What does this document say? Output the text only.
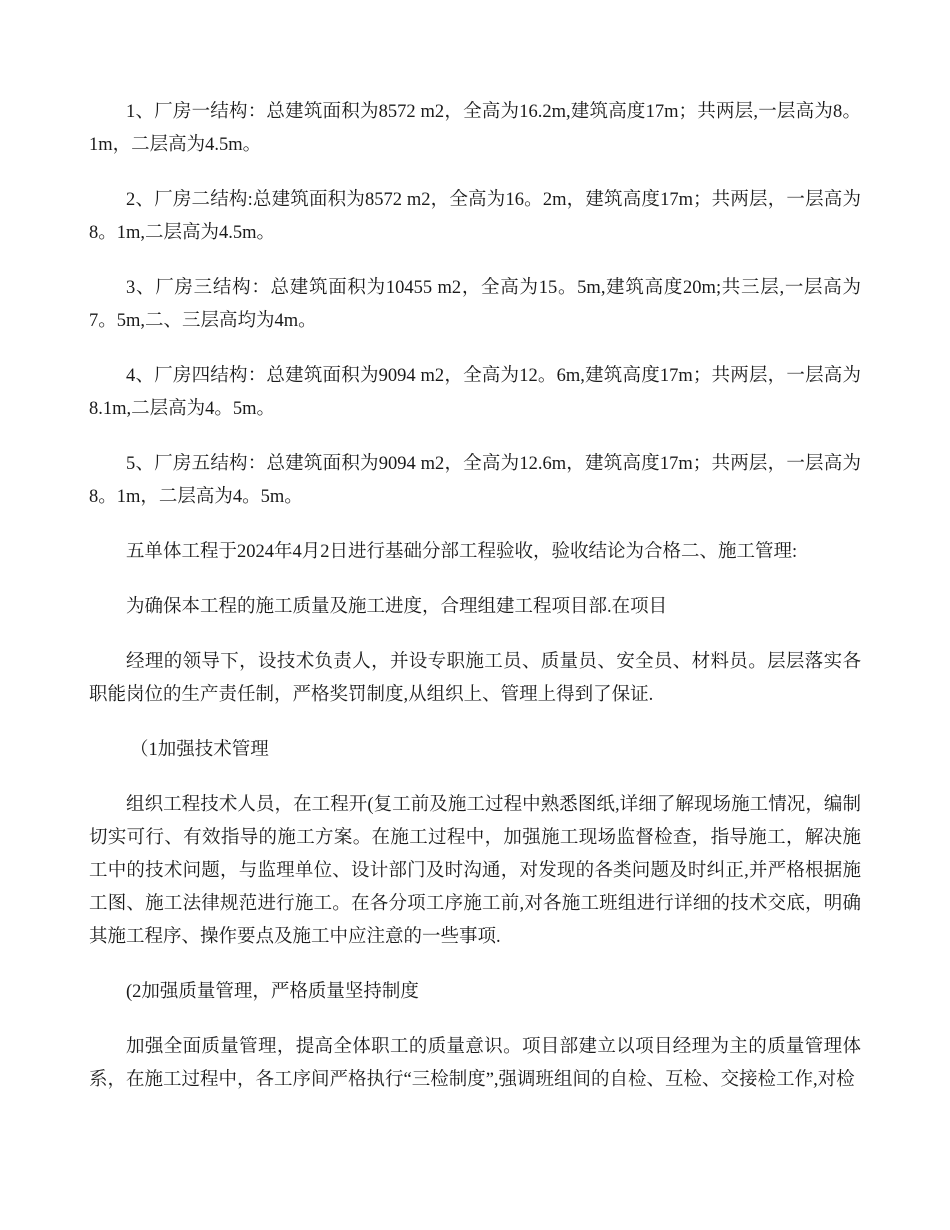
1、厂房一结构：总建筑面积为8572 m2，全高为16.2m,建筑高度17m；共两层,一层高为8。1m，二层高为4.5m。

2、厂房二结构:总建筑面积为8572 m2，全高为16。2m，建筑高度17m；共两层，一层高为8。1m,二层高为4.5m。

3、厂房三结构：总建筑面积为10455 m2，全高为15。5m,建筑高度20m;共三层,一层高为7。5m,二、三层高均为4m。

4、厂房四结构：总建筑面积为9094 m2，全高为12。6m,建筑高度17m；共两层，一层高为8.1m,二层高为4。5m。

5、厂房五结构：总建筑面积为9094 m2，全高为12.6m，建筑高度17m；共两层，一层高为8。1m，二层高为4。5m。

五单体工程于2024年4月2日进行基础分部工程验收，验收结论为合格二、施工管理:

为确保本工程的施工质量及施工进度，合理组建工程项目部.在项目

经理的领导下，设技术负责人，并设专职施工员、质量员、安全员、材料员。层层落实各职能岗位的生产责任制，严格奖罚制度,从组织上、管理上得到了保证.

（1加强技术管理

组织工程技术人员，在工程开(复工前及施工过程中熟悉图纸,详细了解现场施工情况，编制切实可行、有效指导的施工方案。在施工过程中，加强施工现场监督检查，指导施工，解决施工中的技术问题，与监理单位、设计部门及时沟通，对发现的各类问题及时纠正,并严格根据施工图、施工法律规范进行施工。在各分项工序施工前,对各施工班组进行详细的技术交底，明确其施工程序、操作要点及施工中应注意的一些事项.

(2加强质量管理，严格质量坚持制度

加强全面质量管理，提高全体职工的质量意识。项目部建立以项目经理为主的质量管理体系，在施工过程中，各工序间严格执行“三检制度”,强调班组间的自检、互检、交接检工作,对检
